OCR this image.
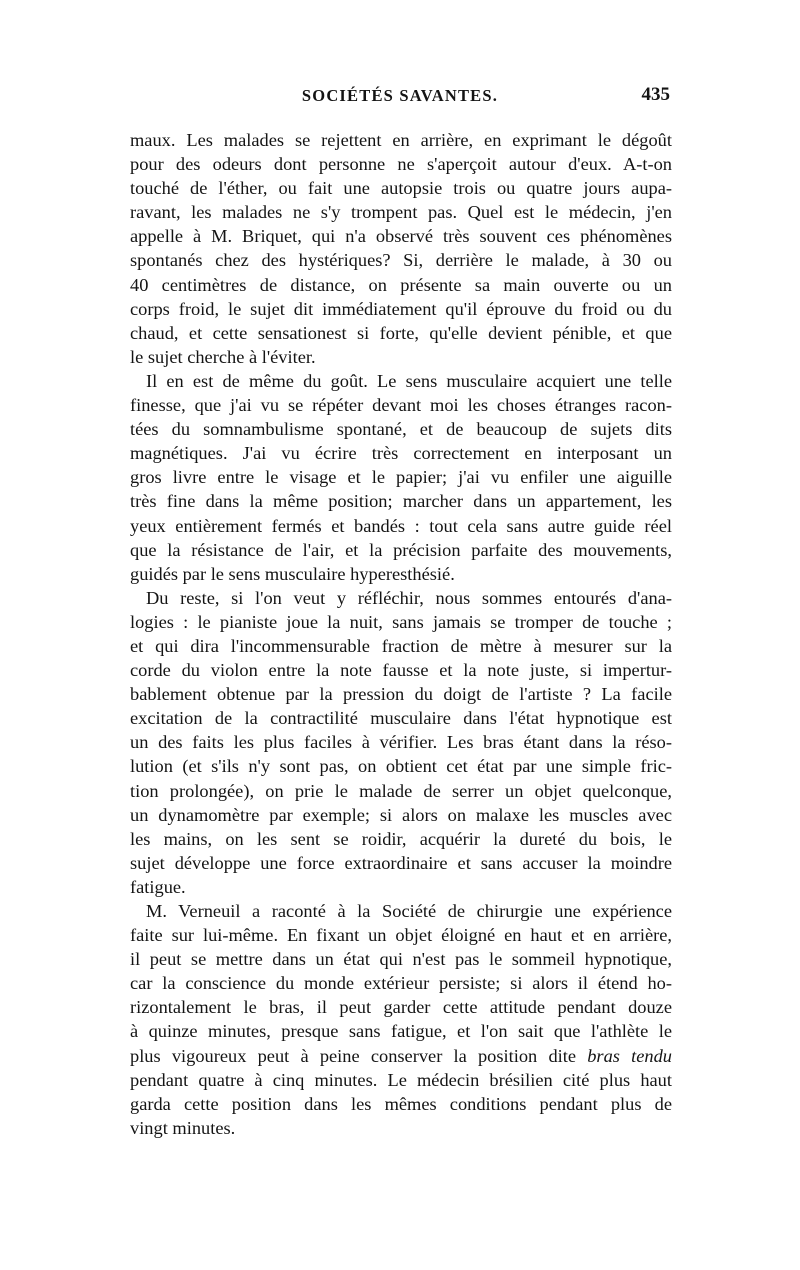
SOCIÉTÉS SAVANTES.	435
maux. Les malades se rejettent en arrière, en exprimant le dégoût
pour des odeurs dont personne ne s'aperçoit autour d'eux. A-t-on
touché de l'éther, ou fait une autopsie trois ou quatre jours aupa-
ravant, les malades ne s'y trompent pas. Quel est le médecin, j'en
appelle à M. Briquet, qui n'a observé très souvent ces phénomènes
spontanés chez des hystériques? Si, derrière le malade, à 30 ou
40 centimètres de distance, on présente sa main ouverte ou un
corps froid, le sujet dit immédiatement qu'il éprouve du froid ou du
chaud, et cette sensationest si forte, qu'elle devient pénible, et que
le sujet cherche à l'éviter.
Il en est de même du goût. Le sens musculaire acquiert une telle
finesse, que j'ai vu se répéter devant moi les choses étranges racon-
tées du somnambulisme spontané, et de beaucoup de sujets dits
magnétiques. J'ai vu écrire très correctement en interposant un
gros livre entre le visage et le papier; j'ai vu enfiler une aiguille
très fine dans la même position; marcher dans un appartement, les
yeux entièrement fermés et bandés : tout cela sans autre guide réel
que la résistance de l'air, et la précision parfaite des mouvements,
guidés par le sens musculaire hyperesthésié.
Du reste, si l'on veut y réfléchir, nous sommes entourés d'ana-
logies : le pianiste joue la nuit, sans jamais se tromper de touche ;
et qui dira l'incommensurable fraction de mètre à mesurer sur la
corde du violon entre la note fausse et la note juste, si impertur-
bablement obtenue par la pression du doigt de l'artiste ? La facile
excitation de la contractilité musculaire dans l'état hypnotique est
un des faits les plus faciles à vérifier. Les bras étant dans la réso-
lution (et s'ils n'y sont pas, on obtient cet état par une simple fric-
tion prolongée), on prie le malade de serrer un objet quelconque,
un dynamomètre par exemple; si alors on malaxe les muscles avec
les mains, on les sent se roidir, acquérir la dureté du bois, le
sujet développe une force extraordinaire et sans accuser la moindre
fatigue.
M. Verneuil a raconté à la Société de chirurgie une expérience
faite sur lui-même. En fixant un objet éloigné en haut et en arrière,
il peut se mettre dans un état qui n'est pas le sommeil hypnotique,
car la conscience du monde extérieur persiste; si alors il étend ho-
rizontalement le bras, il peut garder cette attitude pendant douze
à quinze minutes, presque sans fatigue, et l'on sait que l'athlète le
plus vigoureux peut à peine conserver la position dite bras tendu
pendant quatre à cinq minutes. Le médecin brésilien cité plus haut
garda cette position dans les mêmes conditions pendant plus de
vingt minutes.
